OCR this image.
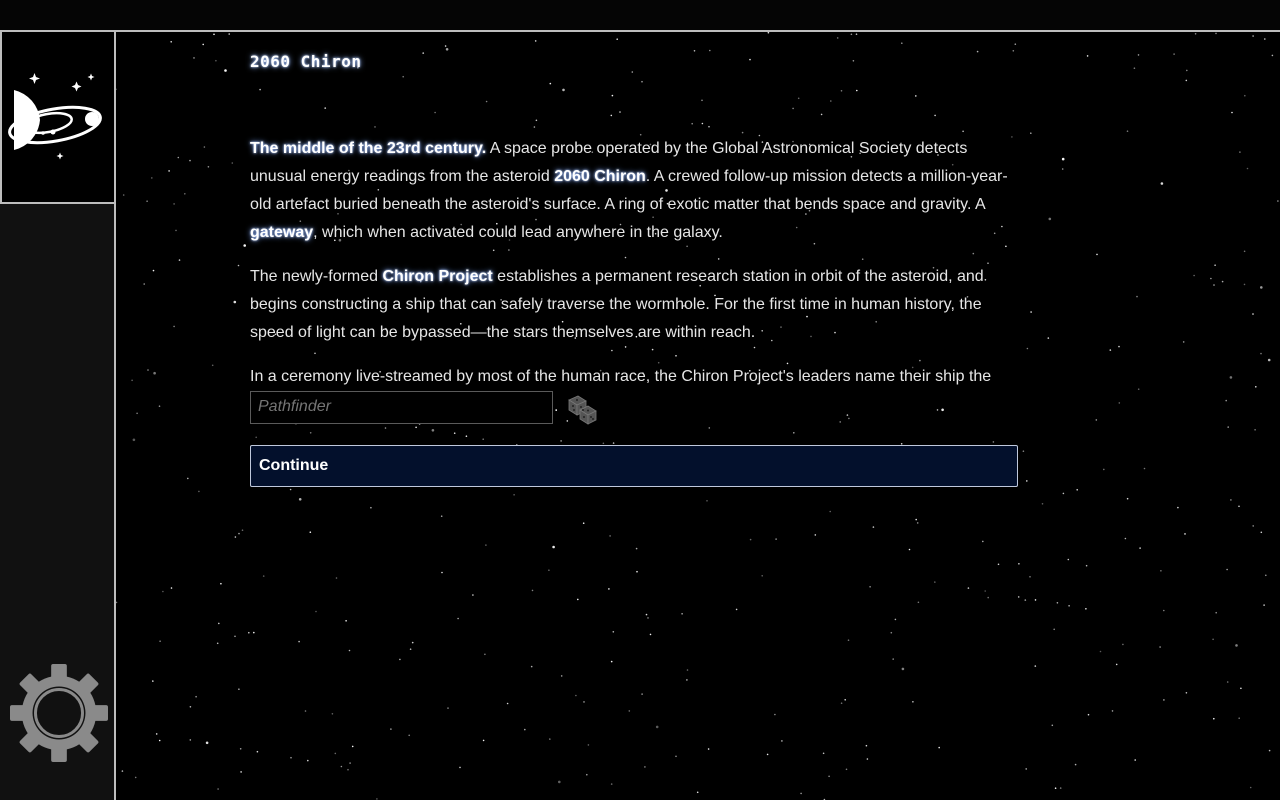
2060 Chiron

The middle of the 23rd century. A space probe operated by the Global Astronomical Society detects unusual energy readings from the asteroid 2060 Chiron. A crewed follow-up mission detects a million-year-old artefact buried beneath the asteroid's surface. A ring of exotic matter that bends space and gravity. A gateway, which when activated could lead anywhere in the galaxy.

The newly-formed Chiron Project establishes a permanent research station in orbit of the asteroid, and begins constructing a ship that can safely traverse the wormhole. For the first time in human history, the speed of light can be bypassed—the stars themselves are within reach.

In a ceremony live-streamed by most of the human race, the Chiron Project's leaders name their ship the

Pathfinder
.
Continue
